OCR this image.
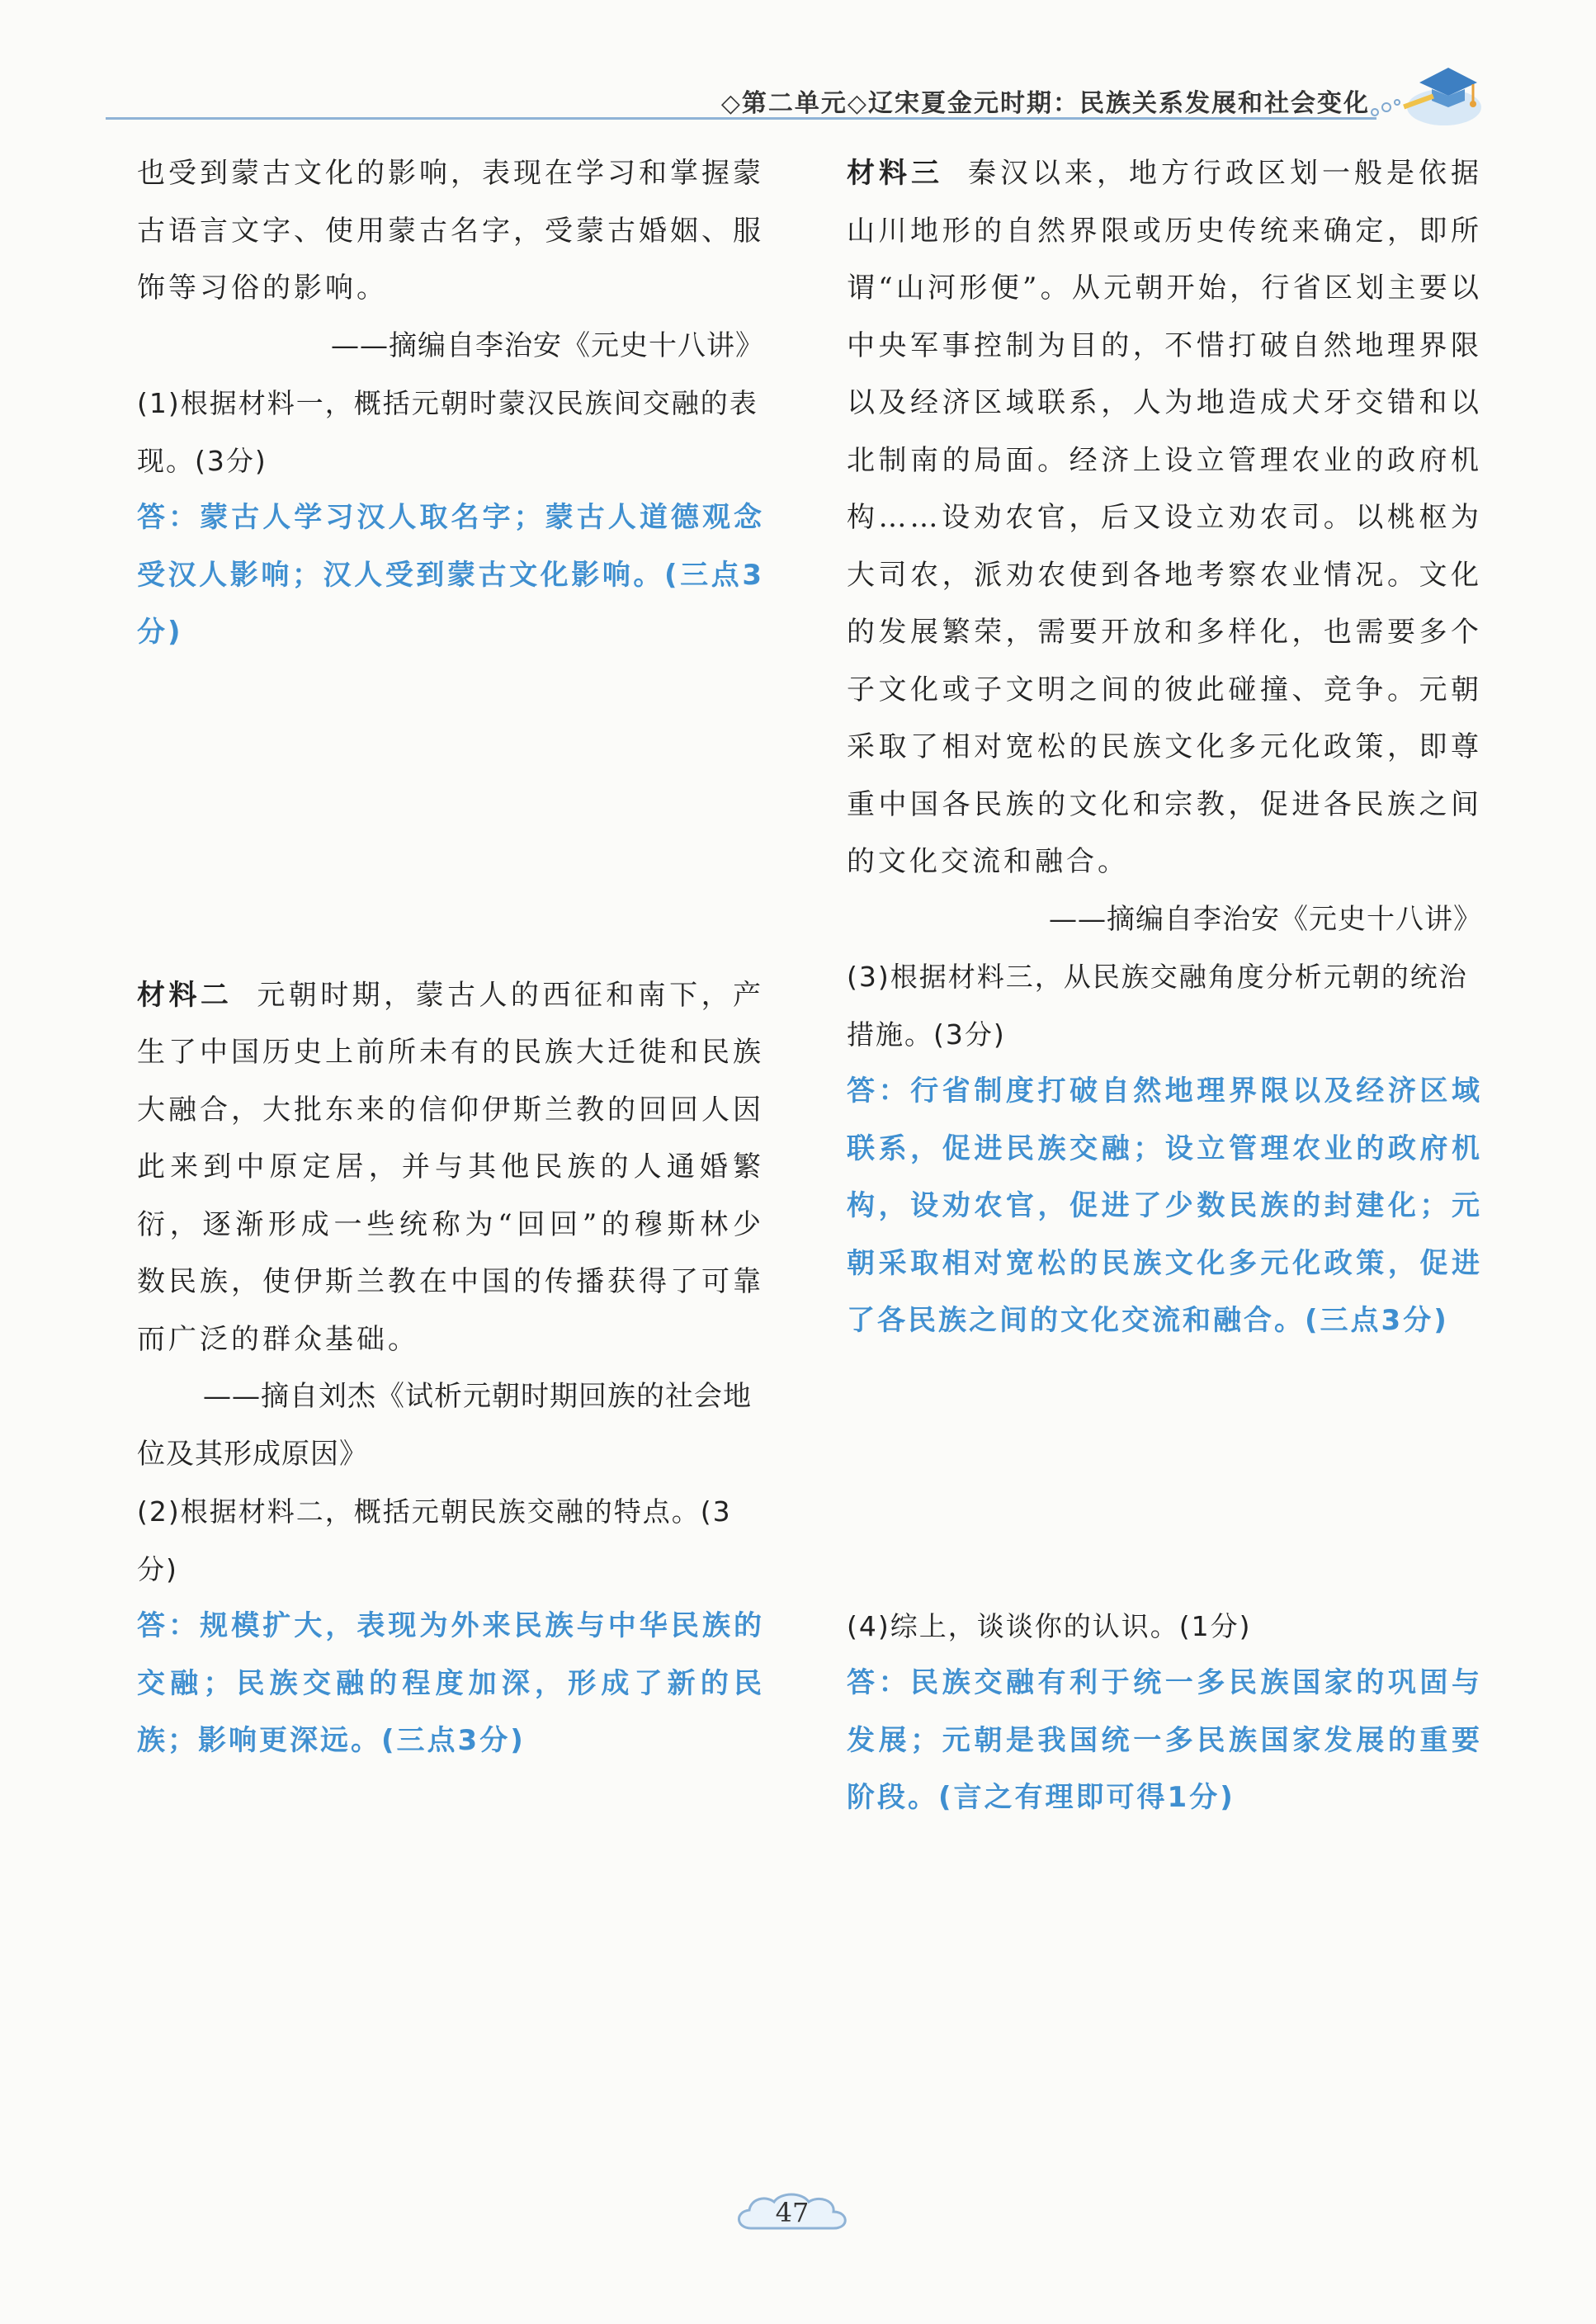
◇第二单元◇辽宋夏金元时期：民族关系发展和社会变化

也受到蒙古文化的影响，表现在学习和掌握蒙古语言文字、使用蒙古名字，受蒙古婚姻、服饰等习俗的影响。

——摘编自李治安《元史十八讲》

(1)根据材料一，概括元朝时蒙汉民族间交融的表现。(3分)

答：蒙古人学习汉人取名字；蒙古人道德观念受汉人影响；汉人受到蒙古文化影响。(三点3分)

材料二 元朝时期，蒙古人的西征和南下，产生了中国历史上前所未有的民族大迁徙和民族大融合，大批东来的信仰伊斯兰教的回回人因此来到中原定居，并与其他民族的人通婚繁衍，逐渐形成一些统称为“回回”的穆斯林少数民族，使伊斯兰教在中国的传播获得了可靠而广泛的群众基础。

——摘自刘杰《试析元朝时期回族的社会地位及其形成原因》

(2)根据材料二，概括元朝民族交融的特点。(3分)

答：规模扩大，表现为外来民族与中华民族的交融；民族交融的程度加深，形成了新的民族；影响更深远。(三点3分)

材料三 秦汉以来，地方行政区划一般是依据山川地形的自然界限或历史传统来确定，即所谓“山河形便”。从元朝开始，行省区划主要以中央军事控制为目的，不惜打破自然地理界限以及经济区域联系，人为地造成犬牙交错和以北制南的局面。经济上设立管理农业的政府机构……设劝农官，后又设立劝农司。以桃枢为大司农，派劝农使到各地考察农业情况。文化的发展繁荣，需要开放和多样化，也需要多个子文化或子文明之间的彼此碰撞、竞争。元朝采取了相对宽松的民族文化多元化政策，即尊重中国各民族的文化和宗教，促进各民族之间的文化交流和融合。

——摘编自李治安《元史十八讲》

(3)根据材料三，从民族交融角度分析元朝的统治措施。(3分)

答：行省制度打破自然地理界限以及经济区域联系，促进民族交融；设立管理农业的政府机构，设劝农官，促进了少数民族的封建化；元朝采取相对宽松的民族文化多元化政策，促进了各民族之间的文化交流和融合。(三点3分)

(4)综上，谈谈你的认识。(1分)

答：民族交融有利于统一多民族国家的巩固与发展；元朝是我国统一多民族国家发展的重要阶段。(言之有理即可得1分)

47
